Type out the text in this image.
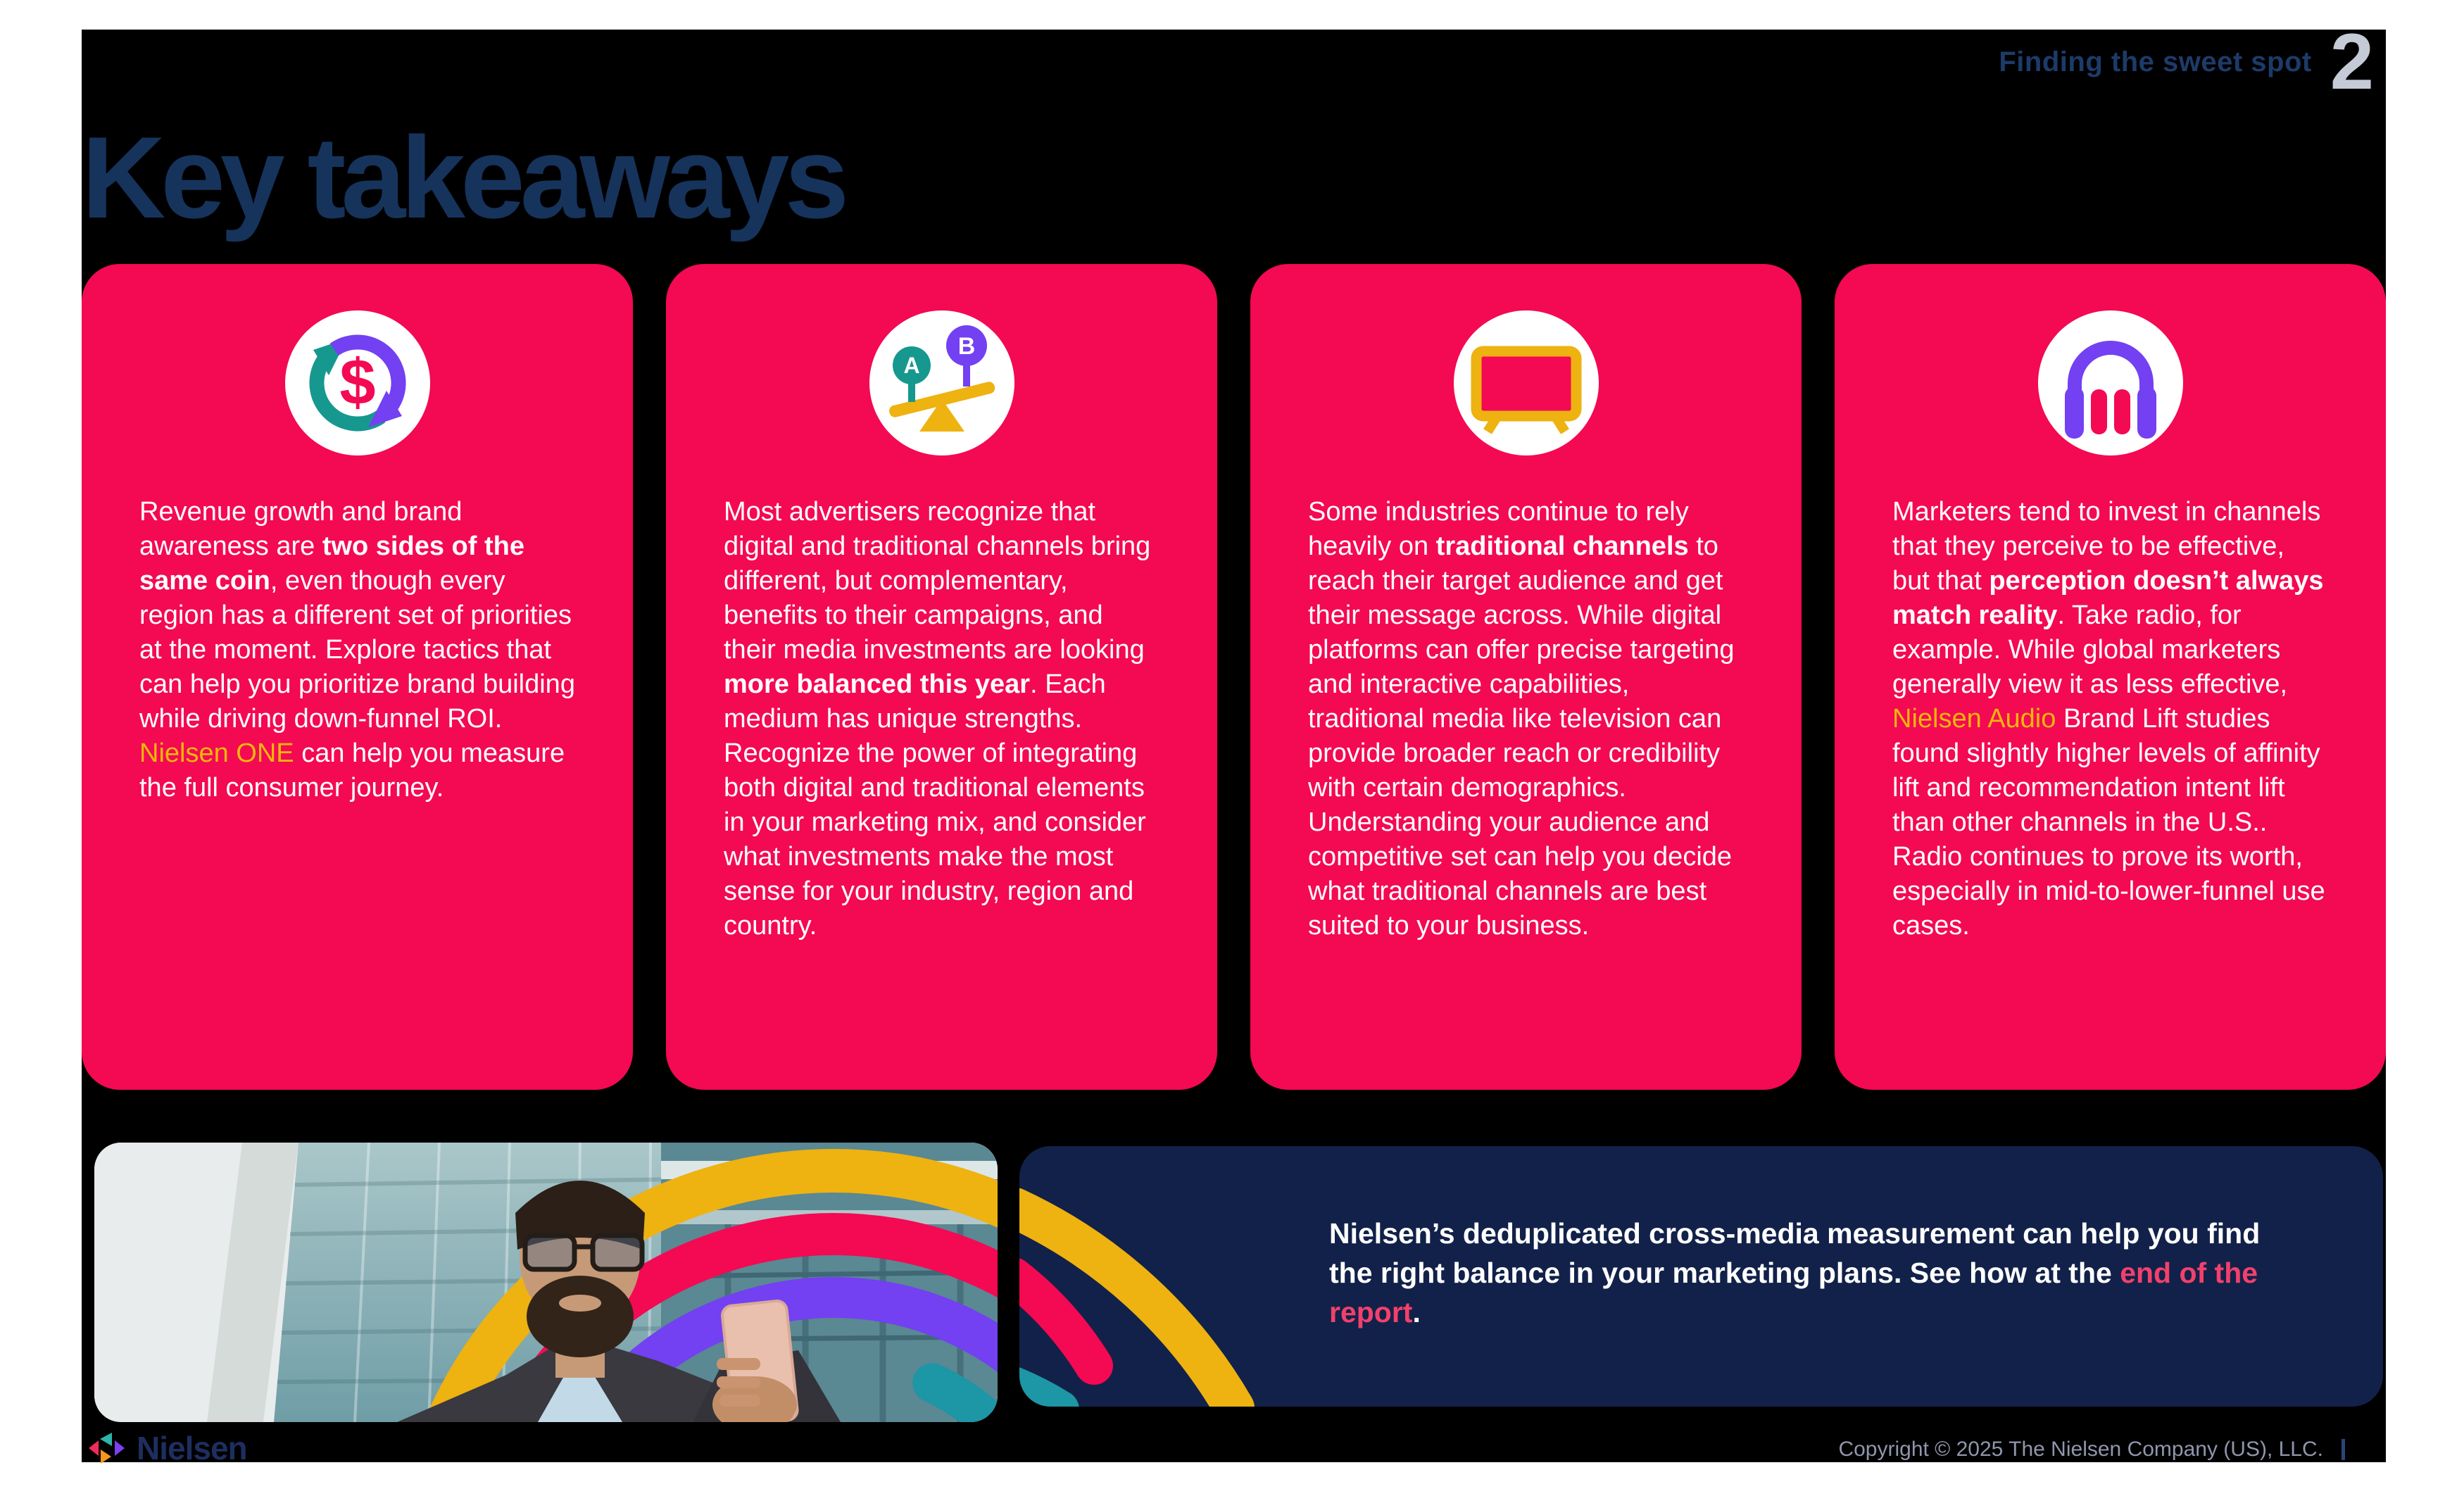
Finding the sweet spot 2
Key takeaways
$

Revenue growth and brand awareness are two sides of the same coin, even though every region has a different set of priorities at the moment. Explore tactics that can help you prioritize brand building while driving down-funnel ROI. Nielsen ONE can help you measure the full consumer journey.

A
B

Most advertisers recognize that digital and traditional channels bring different, but complementary, benefits to their campaigns, and their media investments are looking more balanced this year. Each medium has unique strengths. Recognize the power of integrating both digital and traditional elements in your marketing mix, and consider what investments make the most sense for your industry, region and country.

Some industries continue to rely heavily on traditional channels to reach their target audience and get their message across. While digital platforms can offer precise targeting and interactive capabilities, traditional media like television can provide broader reach or credibility with certain demographics. Understanding your audience and competitive set can help you decide what traditional channels are best suited to your business.

Marketers tend to invest in channels that they perceive to be effective, but that perception doesn’t always match reality. Take radio, for example. While global marketers generally view it as less effective, Nielsen Audio Brand Lift studies found slightly higher levels of affinity lift and recommendation intent lift than other channels in the U.S.. Radio continues to prove its worth, especially in mid-to-lower-funnel use cases.

Nielsen’s deduplicated cross-media measurement can help you find the right balance in your marketing plans. See how at the end of the report.

Nielsen	Copyright © 2025 The Nielsen Company (US), LLC.
